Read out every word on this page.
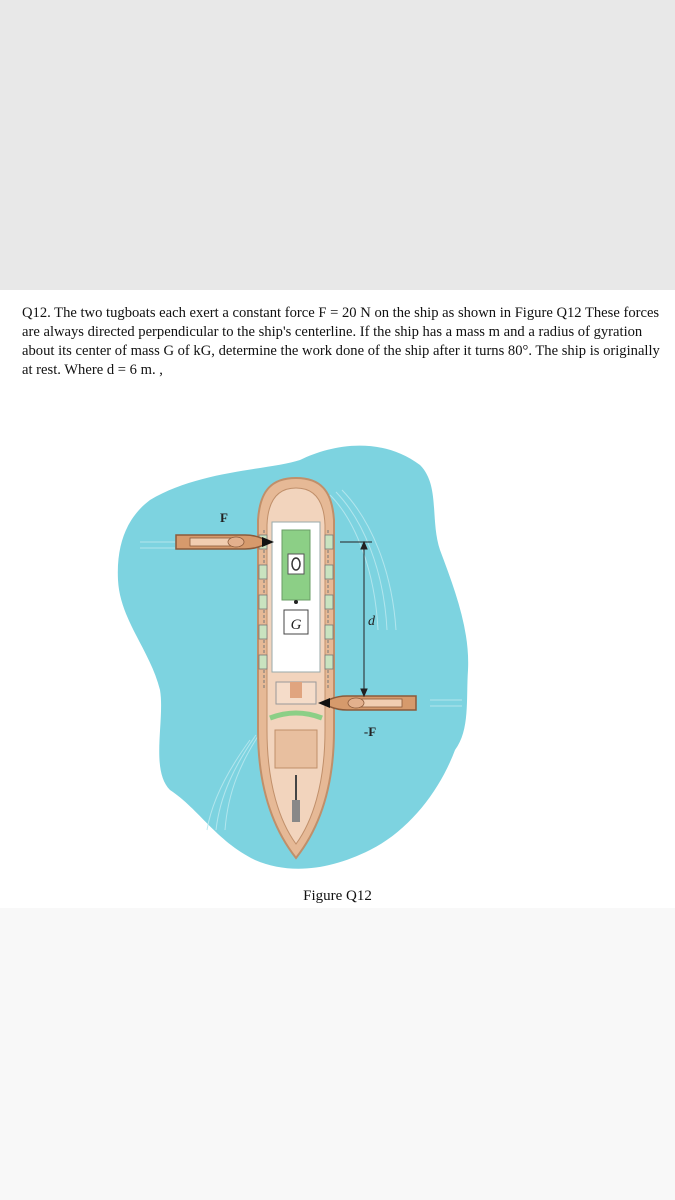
Q12. The two tugboats each exert a constant force F = 20 N on the ship as shown in Figure Q12 These forces are always directed perpendicular to the ship's centerline. If the ship has a mass m and a radius of gyration about its center of mass G of kG, determine the work done of the ship after it turns 80°. The ship is originally at rest. Where d = 6 m. ,

G
F
-F
d
Figure Q12
